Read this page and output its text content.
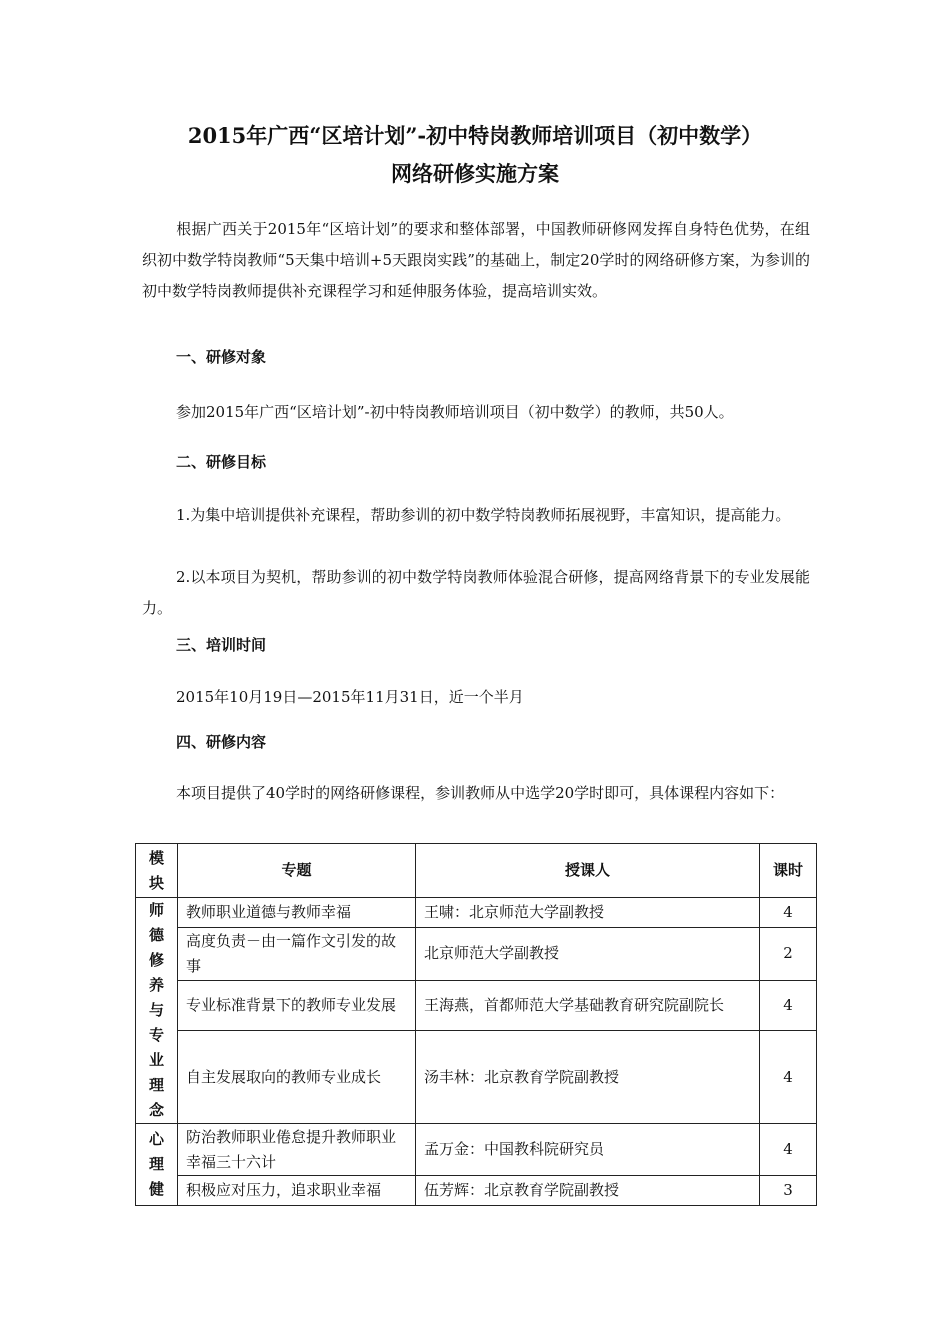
2015年广西“区培计划”-初中特岗教师培训项目（初中数学）
网络研修实施方案
根据广西关于2015年“区培计划”的要求和整体部署，中国教师研修网发挥自身特色优势，在组织初中数学特岗教师“5天集中培训+5天跟岗实践”的基础上，制定20学时的网络研修方案，为参训的初中数学特岗教师提供补充课程学习和延伸服务体验，提高培训实效。
一、研修对象
参加2015年广西“区培计划”-初中特岗教师培训项目（初中数学）的教师，共50人。
二、研修目标
1.为集中培训提供补充课程，帮助参训的初中数学特岗教师拓展视野，丰富知识，提高能力。
2.以本项目为契机，帮助参训的初中数学特岗教师体验混合研修，提高网络背景下的专业发展能力。
三、培训时间
2015年10月19日—2015年11月31日，近一个半月
四、研修内容
本项目提供了40学时的网络研修课程，参训教师从中选学20学时即可，具体课程内容如下：
模块	专题	授课人	课时

师德修养与专业理念	教师职业道德与教师幸福	王啸：北京师范大学副教授	4
	高度负责－由一篇作文引发的故事	北京师范大学副教授	2
	专业标准背景下的教师专业发展	王海燕，首都师范大学基础教育研究院副院长	4
	自主发展取向的教师专业成长	汤丰林：北京教育学院副教授	4

心理健	防治教师职业倦怠提升教师职业幸福三十六计	孟万金：中国教科院研究员	4
	积极应对压力，追求职业幸福	伍芳辉：北京教育学院副教授	3
